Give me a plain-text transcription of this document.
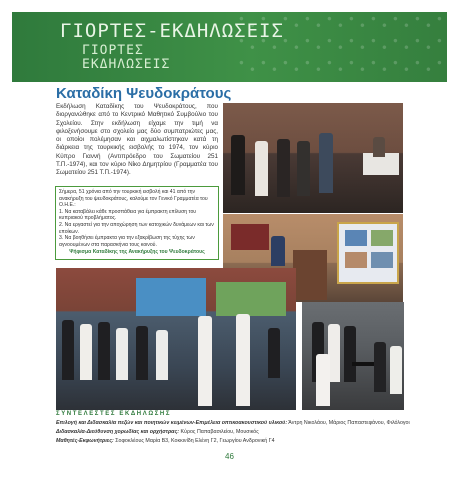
ΓΙΟΡΤΕΣ-ΕΚΔΗΛΩΣΕΙΣ
ΓΙΟΡΤΕΣ
ΕΚΔΗΛΩΣΕΙΣ
Καταδίκη Ψευδοκράτους
Εκδήλωση Καταδίκης του Ψευδοκράτους, που διοργανώθηκε από το Κεντρικό Μαθητικό Συμβούλιο του Σχολείου. Στην εκδήλωση είχαμε την τιμή να φιλοξενήσουμε στο σχολείο μας δύο συμπατριώτες μας, οι οποίοι πολέμησαν και αιχμαλωτίστηκαν κατά τη διάρκεια της τουρκικής εισβολής το 1974, τον κύριο Κύπρο Γιαννή (Αντιπρόεδρο του Σωματείου 251 Τ.Π.-1974), και τον κύριο Νίκο Δημητρίου (Γραμματέα του Σωματείου 251 Τ.Π.-1974).
Σήμερα, 51 χρόνια από την τουρκική εισβολή και 41 από την ανακήρυξη του ψευδοκράτους, καλούμε τον Γενικό Γραμματέα του Ο.Η.Ε.:
1. Να καταβάλει κάθε προσπάθεια για έμπρακτη επίλυση του κυπριακού προβλήματος.
2. Να εργαστεί για την αποχώρηση των κατοχικών δυνάμεων και των εποίκων.
3. Να βοηθήσει έμπρακτα για την εξακρίβωση της τύχης των αγνοουμένων στα παρασκήνια τους κοινού.
Ψήφισμα Καταδίκης της Ανακήρυξης του Ψευδοκράτους
ΣΥΝΤΕΛΕΣΤΕΣ ΕΚΔΗΛΩΣΗΣ
Επιλογή και Διδασκαλία πεζών και ποιητικών κειμένων-Επιμέλεια οπτικοακουστικού υλικού: Άντρη Νικολάου, Μάριος Παπαστεφάνου, Φιλόλογοι
Διδασκαλία-Διεύθυνση χορωδίας και ορχήστρας: Κύρος Παπαβασιλείου, Μουσικός
Μαθητές-Εκφωνήτριες: Σοφοκλέους Μαρία Β3, Κοκκινίδη Ελένη Γ2, Γεωργίου Ανδρονική Γ4
46
